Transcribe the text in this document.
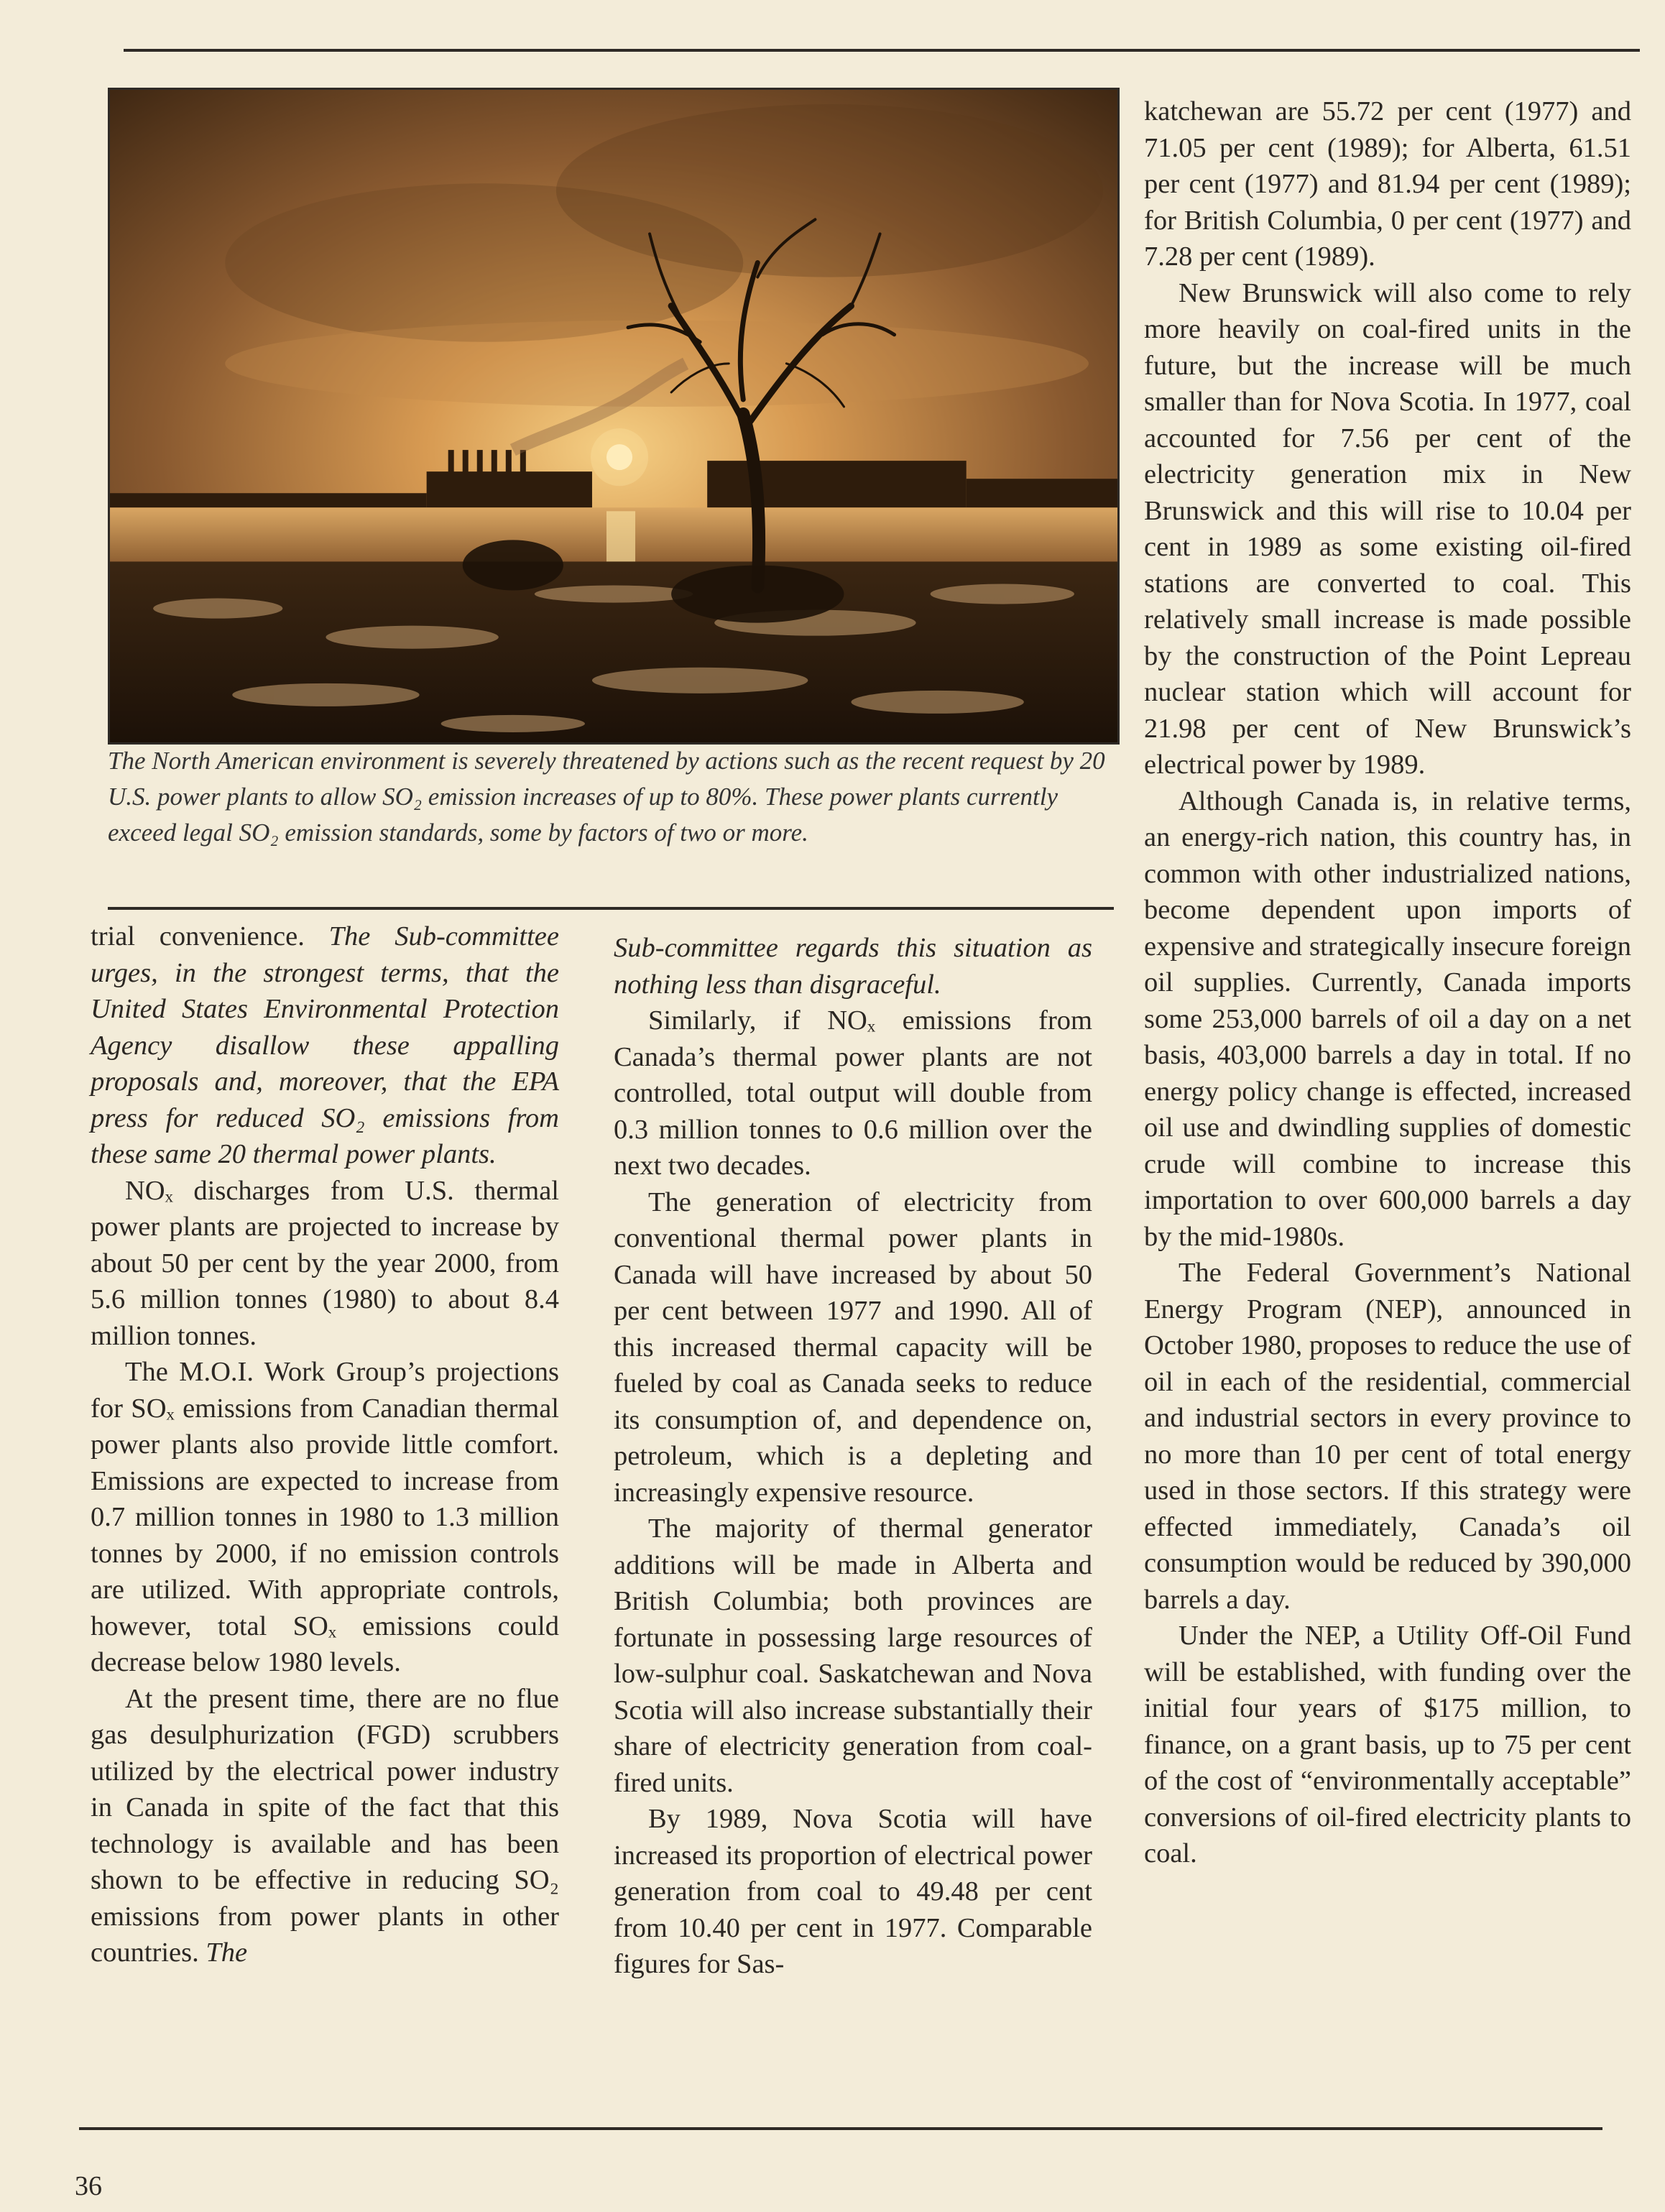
The North American environment is severely threatened by actions such as the recent request by 20 U.S. power plants to allow SO₂ emission increases of up to 80%. These power plants currently exceed legal SO₂ emission standards, some by factors of two or more.

trial convenience. The Sub-committee urges, in the strongest terms, that the United States Environmental Protection Agency disallow these appalling proposals and, moreover, that the EPA press for reduced SO₂ emissions from these same 20 thermal power plants.

NOₓ discharges from U.S. thermal power plants are projected to increase by about 50 per cent by the year 2000, from 5.6 million tonnes (1980) to about 8.4 million tonnes.

The M.O.I. Work Group’s projections for SOₓ emissions from Canadian thermal power plants also provide little comfort. Emissions are expected to increase from 0.7 million tonnes in 1980 to 1.3 million tonnes by 2000, if no emission controls are utilized. With appropriate controls, however, total SOₓ emissions could decrease below 1980 levels.

At the present time, there are no flue gas desulphurization (FGD) scrubbers utilized by the electrical power industry in Canada in spite of the fact that this technology is available and has been shown to be effective in reducing SO₂ emissions from power plants in other countries. The

Sub-committee regards this situation as nothing less than disgraceful.

Similarly, if NOₓ emissions from Canada’s thermal power plants are not controlled, total output will double from 0.3 million tonnes to 0.6 million over the next two decades.

The generation of electricity from conventional thermal power plants in Canada will have increased by about 50 per cent between 1977 and 1990. All of this increased thermal capacity will be fueled by coal as Canada seeks to reduce its consumption of, and dependence on, petroleum, which is a depleting and increasingly expensive resource.

The majority of thermal generator additions will be made in Alberta and British Columbia; both provinces are fortunate in possessing large resources of low-sulphur coal. Saskatchewan and Nova Scotia will also increase substantially their share of electricity generation from coal-fired units.

By 1989, Nova Scotia will have increased its proportion of electrical power generation from coal to 49.48 per cent from 10.40 per cent in 1977. Comparable figures for Sas-

katchewan are 55.72 per cent (1977) and 71.05 per cent (1989); for Alberta, 61.51 per cent (1977) and 81.94 per cent (1989); for British Columbia, 0 per cent (1977) and 7.28 per cent (1989).

New Brunswick will also come to rely more heavily on coal-fired units in the future, but the increase will be much smaller than for Nova Scotia. In 1977, coal accounted for 7.56 per cent of the electricity generation mix in New Brunswick and this will rise to 10.04 per cent in 1989 as some existing oil-fired stations are converted to coal. This relatively small increase is made possible by the construction of the Point Lepreau nuclear station which will account for 21.98 per cent of New Brunswick’s electrical power by 1989.

Although Canada is, in relative terms, an energy-rich nation, this country has, in common with other industrialized nations, become dependent upon imports of expensive and strategically insecure foreign oil supplies. Currently, Canada imports some 253,000 barrels of oil a day on a net basis, 403,000 barrels a day in total. If no energy policy change is effected, increased oil use and dwindling supplies of domestic crude will combine to increase this importation to over 600,000 barrels a day by the mid-1980s.

The Federal Government’s National Energy Program (NEP), announced in October 1980, proposes to reduce the use of oil in each of the residential, commercial and industrial sectors in every province to no more than 10 per cent of total energy used in those sectors. If this strategy were effected immediately, Canada’s oil consumption would be reduced by 390,000 barrels a day.

Under the NEP, a Utility Off-Oil Fund will be established, with funding over the initial four years of $175 million, to finance, on a grant basis, up to 75 per cent of the cost of “environmentally acceptable” conversions of oil-fired electricity plants to coal.

36
